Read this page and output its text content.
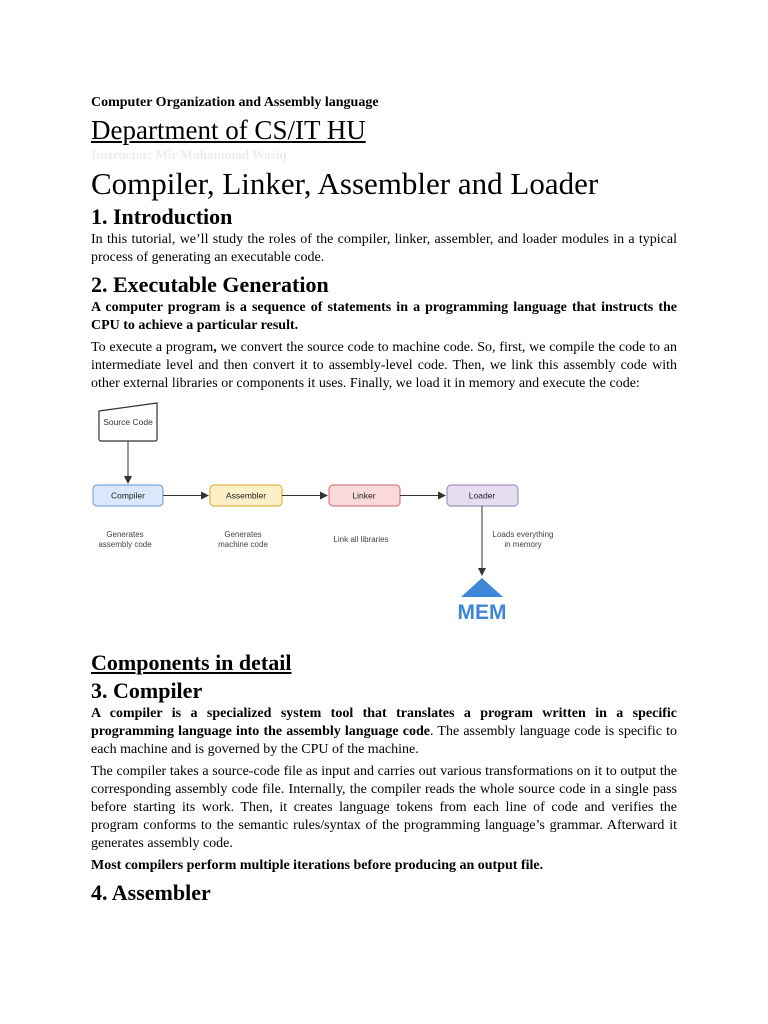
Computer Organization and Assembly language
Department of CS/IT HU
Instructor: Mir Muhammad Wasiq
Compiler, Linker, Assembler and Loader
1. Introduction

In this tutorial, we’ll study the roles of the compiler, linker, assembler, and loader modules in a typical process of generating an executable code.

2. Executable Generation

A computer program is a sequence of statements in a programming language that instructs the CPU to achieve a particular result.

To execute a program, we convert the source code to machine code. So, first, we compile the code to an intermediate level and then convert it to assembly-level code. Then, we link this assembly code with other external libraries or components it uses. Finally, we load it in memory and execute the code:

Source Code
Compiler	Assembler	Linker	Loader
Generates
assembly code
Generates
machine code
Link all libraries
Loads everything
in memory
MEM
Components in detail
3. Compiler

A compiler is a specialized system tool that translates a program written in a specific programming language into the assembly language code. The assembly language code is specific to each machine and is governed by the CPU of the machine.

The compiler takes a source-code file as input and carries out various transformations on it to output the corresponding assembly code file. Internally, the compiler reads the whole source code in a single pass before starting its work. Then, it creates language tokens from each line of code and verifies the program conforms to the semantic rules/syntax of the programming language’s grammar. Afterward it generates assembly code.

Most compilers perform multiple iterations before producing an output file.

4. Assembler
